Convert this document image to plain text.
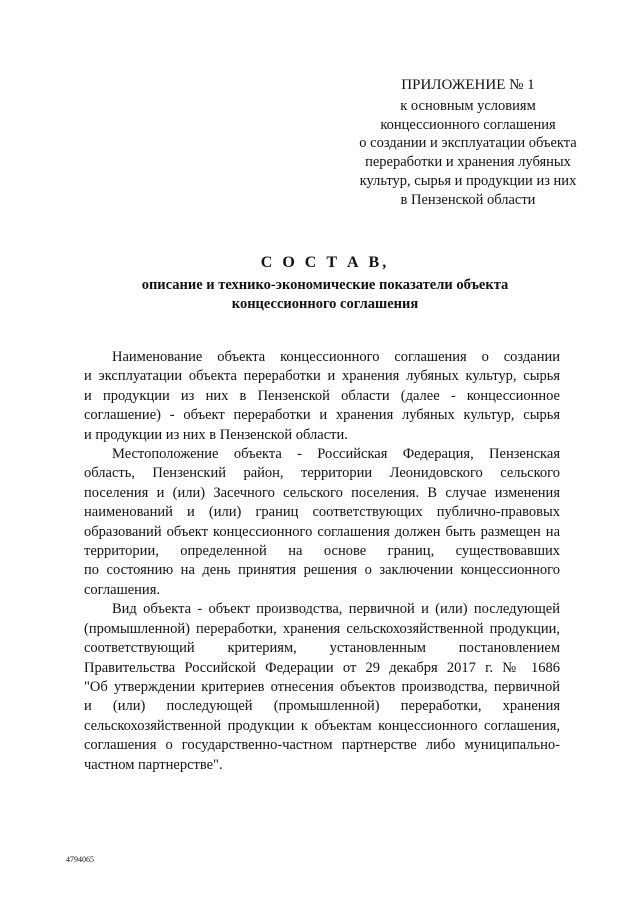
ПРИЛОЖЕНИЕ № 1
к основным условиям
концессионного соглашения
о создании и эксплуатации объекта
переработки и хранения лубяных
культур, сырья и продукции из них
в Пензенской области
С О С Т А В,
описание и технико-экономические показатели объекта
концессионного соглашения
Наименование объекта концессионного соглашения о создании
и эксплуатации объекта переработки и хранения лубяных культур, сырья
и продукции из них в Пензенской области (далее - концессионное
соглашение) - объект переработки и хранения лубяных культур, сырья
и продукции из них в Пензенской области.
Местоположение объекта - Российская Федерация, Пензенская
область, Пензенский район, территории Леонидовского сельского
поселения и (или) Засечного сельского поселения. В случае изменения
наименований и (или) границ соответствующих публично-правовых
образований объект концессионного соглашения должен быть размещен на
территории, определенной на основе границ, существовавших
по состоянию на день принятия решения о заключении концессионного
соглашения.
Вид объекта - объект производства, первичной и (или) последующей
(промышленной) переработки, хранения сельскохозяйственной продукции,
соответствующий критериям, установленным постановлением
Правительства Российской Федерации от 29 декабря 2017 г. № 1686
"Об утверждении критериев отнесения объектов производства, первичной
и (или) последующей (промышленной) переработки, хранения
сельскохозяйственной продукции к объектам концессионного соглашения,
соглашения о государственно-частном партнерстве либо муниципально-
частном партнерстве".
4794065
